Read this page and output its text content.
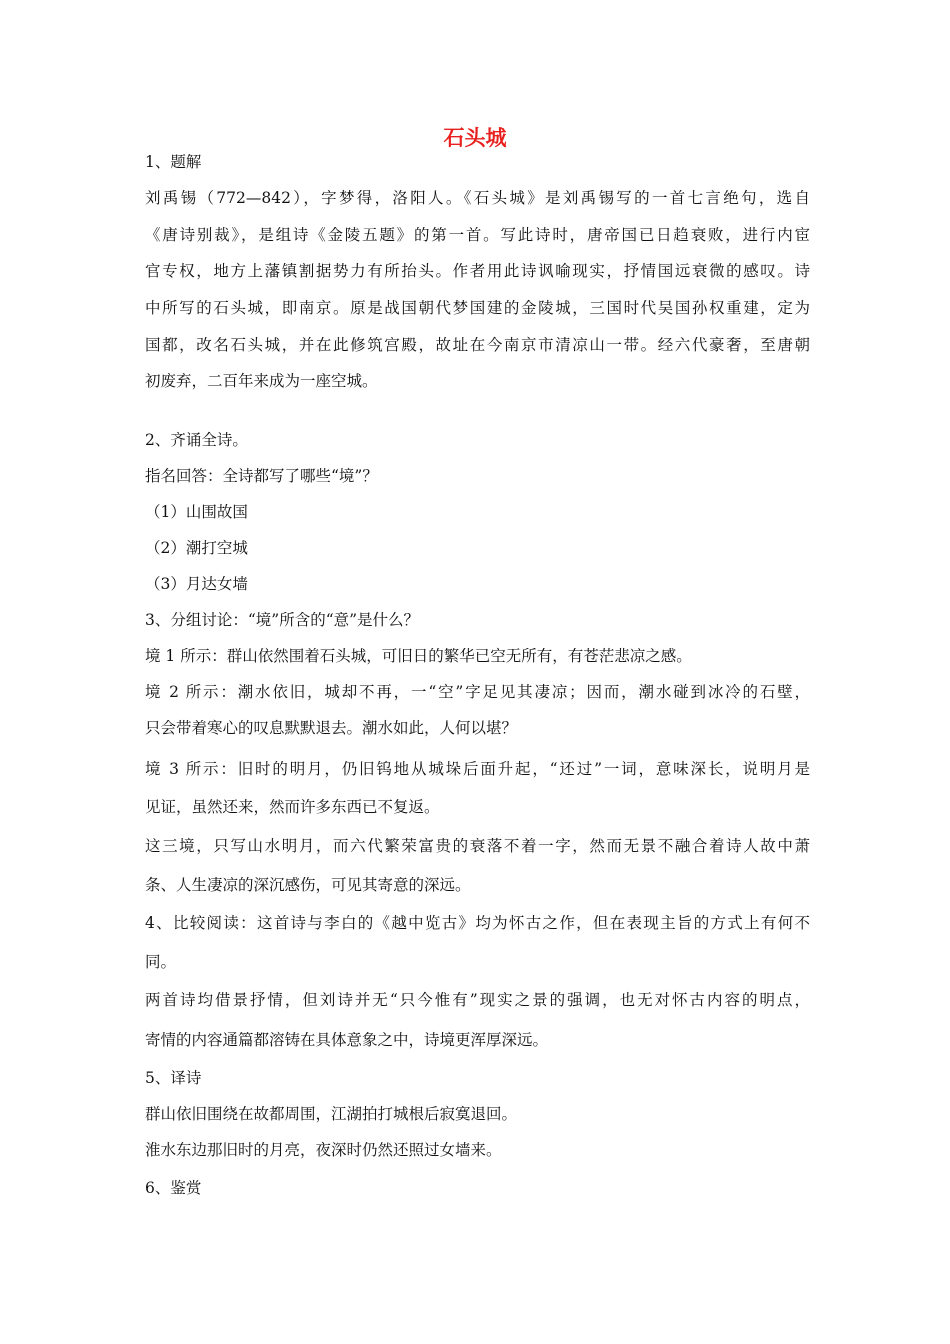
石头城
1、题解
刘禹锡（772—842），字梦得，洛阳人。《石头城》是刘禹锡写的一首七言绝句，选自
《唐诗别裁》，是组诗《金陵五题》的第一首。写此诗时，唐帝国已日趋衰败，进行内宦
官专权，地方上藩镇割据势力有所抬头。作者用此诗讽喻现实，抒情国远衰微的感叹。诗
中所写的石头城，即南京。原是战国朝代梦国建的金陵城，三国时代吴国孙权重建，定为
国都，改名石头城，并在此修筑宫殿，故址在今南京市清凉山一带。经六代豪奢，至唐朝
初废弃，二百年来成为一座空城。
2、齐诵全诗。
指名回答：全诗都写了哪些“境”？
（1）山围故国
（2）潮打空城
（3）月达女墙
3、分组讨论：“境”所含的“意”是什么？
境 1 所示：群山依然围着石头城，可旧日的繁华已空无所有，有苍茫悲凉之感。
境 2 所示：潮水依旧，城却不再，一“空”字足见其凄凉；因而，潮水碰到冰冷的石壁，
只会带着寒心的叹息默默退去。潮水如此，人何以堪？
境 3 所示：旧时的明月，仍旧钨地从城垛后面升起，“还过”一词，意味深长，说明月是
见证，虽然还来，然而许多东西已不复返。
这三境，只写山水明月，而六代繁荣富贵的衰落不着一字，然而无景不融合着诗人故中萧
条、人生凄凉的深沉感伤，可见其寄意的深远。
4、比较阅读：这首诗与李白的《越中览古》均为怀古之作，但在表现主旨的方式上有何不
同。
两首诗均借景抒情，但刘诗并无“只今惟有”现实之景的强调，也无对怀古内容的明点，
寄情的内容通篇都溶铸在具体意象之中，诗境更浑厚深远。
5、译诗
群山依旧围绕在故都周围，江湖拍打城根后寂寞退回。
淮水东边那旧时的月亮，夜深时仍然还照过女墙来。
6、鉴赏
